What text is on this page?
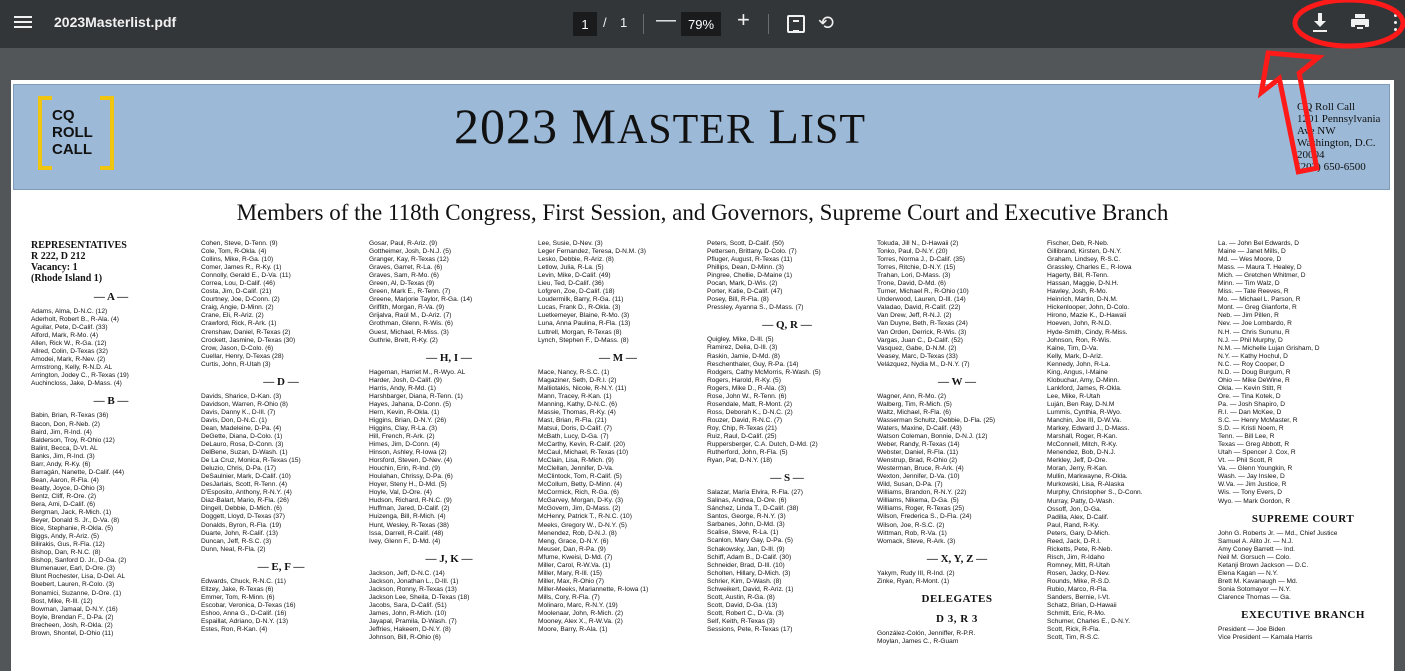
2023Masterlist.pdf	1	/ 1 — 79%	+	⟲
CQ
ROLL
CALL	2023 MASTER LIST	CQ Roll Call
1201 Pennsylvania
Ave NW
Washington, D.C.
20004
(202) 650-6500
Members of the 118th Congress, First Session, and Governors, Supreme Court and Executive Branch
REPRESENTATIVES
R 222, D 212
Vacancy: 1
(Rhode Island 1)
— A —
Adams, Alma, D-N.C. (12)
Aderholt, Robert B., R-Ala. (4)
Aguilar, Pete, D-Calif. (33)
Alford, Mark, R-Mo. (4)
Allen, Rick W., R-Ga. (12)
Allred, Colin, D-Texas (32)
Amodei, Mark, R-Nev. (2)
Armstrong, Kelly, R-N.D. AL
Arrington, Jodey C., R-Texas (19)
Auchincloss, Jake, D-Mass. (4)
— B —
Babin, Brian, R-Texas (36)
Bacon, Don, R-Neb. (2)
Baird, Jim, R-Ind. (4)
Balderson, Troy, R-Ohio (12)
Balint, Becca, D-Vt. AL
Banks, Jim, R-Ind. (3)
Barr, Andy, R-Ky. (6)
Barragán, Nanette, D-Calif. (44)
Bean, Aaron, R-Fla. (4)
Beatty, Joyce, D-Ohio (3)
Bentz, Cliff, R-Ore. (2)
Bera, Ami, D-Calif. (6)
Bergman, Jack, R-Mich. (1)
Beyer, Donald S. Jr., D-Va. (8)
Bice, Stephanie, R-Okla. (5)
Biggs, Andy, R-Ariz. (5)
Bilirakis, Gus, R-Fla. (12)
Bishop, Dan, R-N.C. (8)
Bishop, Sanford D. Jr., D-Ga. (2)
Blumenauer, Earl, D-Ore. (3)
Blunt Rochester, Lisa, D-Del. AL
Boebert, Lauren, R-Colo. (3)
Bonamici, Suzanne, D-Ore. (1)
Bost, Mike, R-Ill. (12)
Bowman, Jamaal, D-N.Y. (16)
Boyle, Brendan F., D-Pa. (2)
Brecheen, Josh, R-Okla. (2)
Brown, Shontel, D-Ohio (11)
Cohen, Steve, D-Tenn. (9)
Cole, Tom, R-Okla. (4)
Collins, Mike, R-Ga. (10)
Comer, James R., R-Ky. (1)
Connolly, Gerald E., D-Va. (11)
Correa, Lou, D-Calif. (46)
Costa, Jim, D-Calif. (21)
Courtney, Joe, D-Conn. (2)
Craig, Angie, D-Minn. (2)
Crane, Eli, R-Ariz. (2)
Crawford, Rick, R-Ark. (1)
Crenshaw, Daniel, R-Texas (2)
Crockett, Jasmine, D-Texas (30)
Crow, Jason, D-Colo. (6)
Cuellar, Henry, D-Texas (28)
Curtis, John, R-Utah (3)
— D —
Davids, Sharice, D-Kan. (3)
Davidson, Warren, R-Ohio (8)
Davis, Danny K., D-Ill. (7)
Davis, Don, D-N.C. (1)
Dean, Madeleine, D-Pa. (4)
DeGette, Diana, D-Colo. (1)
DeLauro, Rosa, D-Conn. (3)
DelBene, Suzan, D-Wash. (1)
De La Cruz, Monica, R-Texas (15)
Deluzio, Chris, D-Pa. (17)
DeSaulnier, Mark, D-Calif. (10)
DesJarlais, Scott, R-Tenn. (4)
D'Esposito, Anthony, R-N.Y. (4)
Diaz-Balart, Mario, R-Fla. (26)
Dingell, Debbie, D-Mich. (6)
Doggett, Lloyd, D-Texas (37)
Donalds, Byron, R-Fla. (19)
Duarte, John, R-Calif. (13)
Duncan, Jeff, R-S.C. (3)
Dunn, Neal, R-Fla. (2)
— E, F —
Edwards, Chuck, R-N.C. (11)
Ellzey, Jake, R-Texas (6)
Emmer, Tom, R-Minn. (6)
Escobar, Veronica, D-Texas (16)
Eshoo, Anna G., D-Calif. (16)
Espaillat, Adriano, D-N.Y. (13)
Estes, Ron, R-Kan. (4)
Gosar, Paul, R-Ariz. (9)
Gottheimer, Josh, D-N.J. (5)
Granger, Kay, R-Texas (12)
Graves, Garret, R-La. (6)
Graves, Sam, R-Mo. (6)
Green, Al, D-Texas (9)
Green, Mark E., R-Tenn. (7)
Greene, Marjorie Taylor, R-Ga. (14)
Griffith, Morgan, R-Va. (9)
Grijalva, Raúl M., D-Ariz. (7)
Grothman, Glenn, R-Wis. (6)
Guest, Michael, R-Miss. (3)
Guthrie, Brett, R-Ky. (2)
— H, I —
Hageman, Harriet M., R-Wyo. AL
Harder, Josh, D-Calif. (9)
Harris, Andy, R-Md. (1)
Harshbarger, Diana, R-Tenn. (1)
Hayes, Jahana, D-Conn. (5)
Hern, Kevin, R-Okla. (1)
Higgins, Brian, D-N.Y. (26)
Higgins, Clay, R-La. (3)
Hill, French, R-Ark. (2)
Himes, Jim, D-Conn. (4)
Hinson, Ashley, R-Iowa (2)
Horsford, Steven, D-Nev. (4)
Houchin, Erin, R-Ind. (9)
Houlahan, Chrissy, D-Pa. (6)
Hoyer, Steny H., D-Md. (5)
Hoyle, Val, D-Ore. (4)
Hudson, Richard, R-N.C. (9)
Huffman, Jared, D-Calif. (2)
Huizenga, Bill, R-Mich. (4)
Hunt, Wesley, R-Texas (38)
Issa, Darrell, R-Calif. (48)
Ivey, Glenn F., D-Md. (4)
— J, K —
Jackson, Jeff, D-N.C. (14)
Jackson, Jonathan L., D-Ill. (1)
Jackson, Ronny, R-Texas (13)
Jackson Lee, Sheila, D-Texas (18)
Jacobs, Sara, D-Calif. (51)
James, John, R-Mich. (10)
Jayapal, Pramila, D-Wash. (7)
Jeffries, Hakeem, D-N.Y. (8)
Johnson, Bill, R-Ohio (6)
Lee, Susie, D-Nev. (3)
Leger Fernandez, Teresa, D-N.M. (3)
Lesko, Debbie, R-Ariz. (8)
Letlow, Julia, R-La. (5)
Levin, Mike, D-Calif. (49)
Lieu, Ted, D-Calif. (36)
Lofgren, Zoe, D-Calif. (18)
Loudermilk, Barry, R-Ga. (11)
Lucas, Frank D., R-Okla. (3)
Luetkemeyer, Blaine, R-Mo. (3)
Luna, Anna Paulina, R-Fla. (13)
Luttrell, Morgan, R-Texas (8)
Lynch, Stephen F., D-Mass. (8)
— M —
Mace, Nancy, R-S.C. (1)
Magaziner, Seth, D-R.I. (2)
Malliotakis, Nicole, R-N.Y. (11)
Mann, Tracey, R-Kan. (1)
Manning, Kathy, D-N.C. (6)
Massie, Thomas, R-Ky. (4)
Mast, Brian, R-Fla. (21)
Matsui, Doris, D-Calif. (7)
McBath, Lucy, D-Ga. (7)
McCarthy, Kevin, R-Calif. (20)
McCaul, Michael, R-Texas (10)
McClain, Lisa, R-Mich. (9)
McClellan, Jennifer, D-Va.
McClintock, Tom, R-Calif. (5)
McCollum, Betty, D-Minn. (4)
McCormick, Rich, R-Ga. (6)
McGarvey, Morgan, D-Ky. (3)
McGovern, Jim, D-Mass. (2)
McHenry, Patrick T., R-N.C. (10)
Meeks, Gregory W., D-N.Y. (5)
Menendez, Rob, D-N.J. (8)
Meng, Grace, D-N.Y. (6)
Meuser, Dan, R-Pa. (9)
Mfume, Kweisi, D-Md. (7)
Miller, Carol, R-W.Va. (1)
Miller, Mary, R-Ill. (15)
Miller, Max, R-Ohio (7)
Miller-Meeks, Mariannette, R-Iowa (1)
Mills, Cory, R-Fla. (7)
Molinaro, Marc, R-N.Y. (19)
Moolenaar, John, R-Mich. (2)
Mooney, Alex X., R-W.Va. (2)
Moore, Barry, R-Ala. (1)
Peters, Scott, D-Calif. (50)
Pettersen, Brittany, D-Colo. (7)
Pfluger, August, R-Texas (11)
Phillips, Dean, D-Minn. (3)
Pingree, Chellie, D-Maine (1)
Pocan, Mark, D-Wis. (2)
Porter, Katie, D-Calif. (47)
Posey, Bill, R-Fla. (8)
Pressley, Ayanna S., D-Mass. (7)
— Q, R —
Quigley, Mike, D-Ill. (5)
Ramirez, Delia, D-Ill. (3)
Raskin, Jamie, D-Md. (8)
Reschenthaler, Guy, R-Pa. (14)
Rodgers, Cathy McMorris, R-Wash. (5)
Rogers, Harold, R-Ky. (5)
Rogers, Mike D., R-Ala. (3)
Rose, John W., R-Tenn. (6)
Rosendale, Matt, R-Mont. (2)
Ross, Deborah K., D-N.C. (2)
Rouzer, David, R-N.C. (7)
Roy, Chip, R-Texas (21)
Ruiz, Raul, D-Calif. (25)
Ruppersberger, C.A. Dutch, D-Md. (2)
Rutherford, John, R-Fla. (5)
Ryan, Pat, D-N.Y. (18)
— S —
Salazar, María Elvira, R-Fla. (27)
Salinas, Andrea, D-Ore. (6)
Sánchez, Linda T., D-Calif. (38)
Santos, George, R-N.Y. (3)
Sarbanes, John, D-Md. (3)
Scalise, Steve, R-La. (1)
Scanlon, Mary Gay, D-Pa. (5)
Schakowsky, Jan, D-Ill. (9)
Schiff, Adam B., D-Calif. (30)
Schneider, Brad, D-Ill. (10)
Scholten, Hillary, D-Mich. (3)
Schrier, Kim, D-Wash. (8)
Schweikert, David, R-Ariz. (1)
Scott, Austin, R-Ga. (8)
Scott, David, D-Ga. (13)
Scott, Robert C., D-Va. (3)
Self, Keith, R-Texas (3)
Sessions, Pete, R-Texas (17)
Tokuda, Jill N., D-Hawaii (2)
Tonko, Paul, D-N.Y. (20)
Torres, Norma J., D-Calif. (35)
Torres, Ritchie, D-N.Y. (15)
Trahan, Lori, D-Mass. (3)
Trone, David, D-Md. (6)
Turner, Michael R., R-Ohio (10)
Underwood, Lauren, D-Ill. (14)
Valadao, David, R-Calif. (22)
Van Drew, Jeff, R-N.J. (2)
Van Duyne, Beth, R-Texas (24)
Van Orden, Derrick, R-Wis. (3)
Vargas, Juan C., D-Calif. (52)
Vasquez, Gabe, D-N.M. (2)
Veasey, Marc, D-Texas (33)
Velázquez, Nydia M., D-N.Y. (7)
— W —
Wagner, Ann, R-Mo. (2)
Walberg, Tim, R-Mich. (5)
Waltz, Michael, R-Fla. (6)
Wasserman Schultz, Debbie, D-Fla. (25)
Waters, Maxine, D-Calif. (43)
Watson Coleman, Bonnie, D-N.J. (12)
Weber, Randy, R-Texas (14)
Webster, Daniel, R-Fla. (11)
Wenstrup, Brad, R-Ohio (2)
Westerman, Bruce, R-Ark. (4)
Wexton, Jennifer, D-Va. (10)
Wild, Susan, D-Pa. (7)
Williams, Brandon, R-N.Y. (22)
Williams, Nikema, D-Ga. (5)
Williams, Roger, R-Texas (25)
Wilson, Frederica S., D-Fla. (24)
Wilson, Joe, R-S.C. (2)
Wittman, Rob, R-Va. (1)
Womack, Steve, R-Ark. (3)
— X, Y, Z —
Yakym, Rudy III, R-Ind. (2)
Zinke, Ryan, R-Mont. (1)
DELEGATES
D 3, R 3
González-Colón, Jenniffer, R-P.R.
Moylan, James C., R-Guam
Fischer, Deb, R-Neb.
Gillibrand, Kirsten, D-N.Y.
Graham, Lindsey, R-S.C.
Grassley, Charles E., R-Iowa
Hagerty, Bill, R-Tenn.
Hassan, Maggie, D-N.H.
Hawley, Josh, R-Mo.
Heinrich, Martin, D-N.M.
Hickenlooper, John, D-Colo.
Hirono, Mazie K., D-Hawaii
Hoeven, John, R-N.D.
Hyde-Smith, Cindy, R-Miss.
Johnson, Ron, R-Wis.
Kaine, Tim, D-Va.
Kelly, Mark, D-Ariz.
Kennedy, John, R-La.
King, Angus, I-Maine
Klobuchar, Amy, D-Minn.
Lankford, James, R-Okla.
Lee, Mike, R-Utah
Luján, Ben Ray, D-N.M
Lummis, Cynthia, R-Wyo.
Manchin, Joe III, D-W.Va.
Markey, Edward J., D-Mass.
Marshall, Roger, R-Kan.
McConnell, Mitch, R-Ky.
Menendez, Bob, D-N.J.
Merkley, Jeff, D-Ore.
Moran, Jerry, R-Kan.
Mullin, Markwayne, R-Okla.
Murkowski, Lisa, R-Alaska
Murphy, Christopher S., D-Conn.
Murray, Patty, D-Wash.
Ossoff, Jon, D-Ga.
Padilla, Alex, D-Calif.
Paul, Rand, R-Ky.
Peters, Gary, D-Mich.
Reed, Jack, D-R.I.
Ricketts, Pete, R-Neb.
Risch, Jim, R-Idaho
Romney, Mitt, R-Utah
Rosen, Jacky, D-Nev.
Rounds, Mike, R-S.D.
Rubio, Marco, R-Fla.
Sanders, Bernie, I-Vt.
Schatz, Brian, D-Hawaii
Schmitt, Eric, R-Mo.
Schumer, Charles E., D-N.Y.
Scott, Rick, R-Fla.
Scott, Tim, R-S.C.
La. — John Bel Edwards, D
Maine — Janet Mills, D
Md. — Wes Moore, D
Mass. — Maura T. Healey, D
Mich. — Gretchen Whitmer, D
Minn. — Tim Walz, D
Miss. — Tate Reeves, R
Mo. — Michael L. Parson, R
Mont. — Greg Gianforte, R
Neb. — Jim Pillen, R
Nev. — Joe Lombardo, R
N.H. — Chris Sununu, R
N.J. — Phil Murphy, D
N.M. — Michelle Lujan Grisham, D
N.Y. — Kathy Hochul, D
N.C. — Roy Cooper, D
N.D. — Doug Burgum, R
Ohio — Mike DeWine, R
Okla. — Kevin Stitt, R
Ore. — Tina Kotek, D
Pa. — Josh Shapiro, D
R.I. — Dan McKee, D
S.C. — Henry McMaster, R
S.D. — Kristi Noem, R
Tenn. — Bill Lee, R
Texas — Greg Abbott, R
Utah — Spencer J. Cox, R
Vt. — Phil Scott, R
Va. — Glenn Youngkin, R
Wash. — Jay Inslee, D
W.Va. — Jim Justice, R
Wis. — Tony Evers, D
Wyo. — Mark Gordon, R
SUPREME COURT
John G. Roberts Jr. — Md., Chief Justice
Samuel A. Alito Jr. — N.J.
Amy Coney Barrett — Ind.
Neil M. Gorsuch — Colo.
Ketanji Brown Jackson — D.C.
Elena Kagan — N.Y.
Brett M. Kavanaugh — Md.
Sonia Sotomayor — N.Y.
Clarence Thomas — Ga.
EXECUTIVE BRANCH
President — Joe Biden
Vice President — Kamala Harris
